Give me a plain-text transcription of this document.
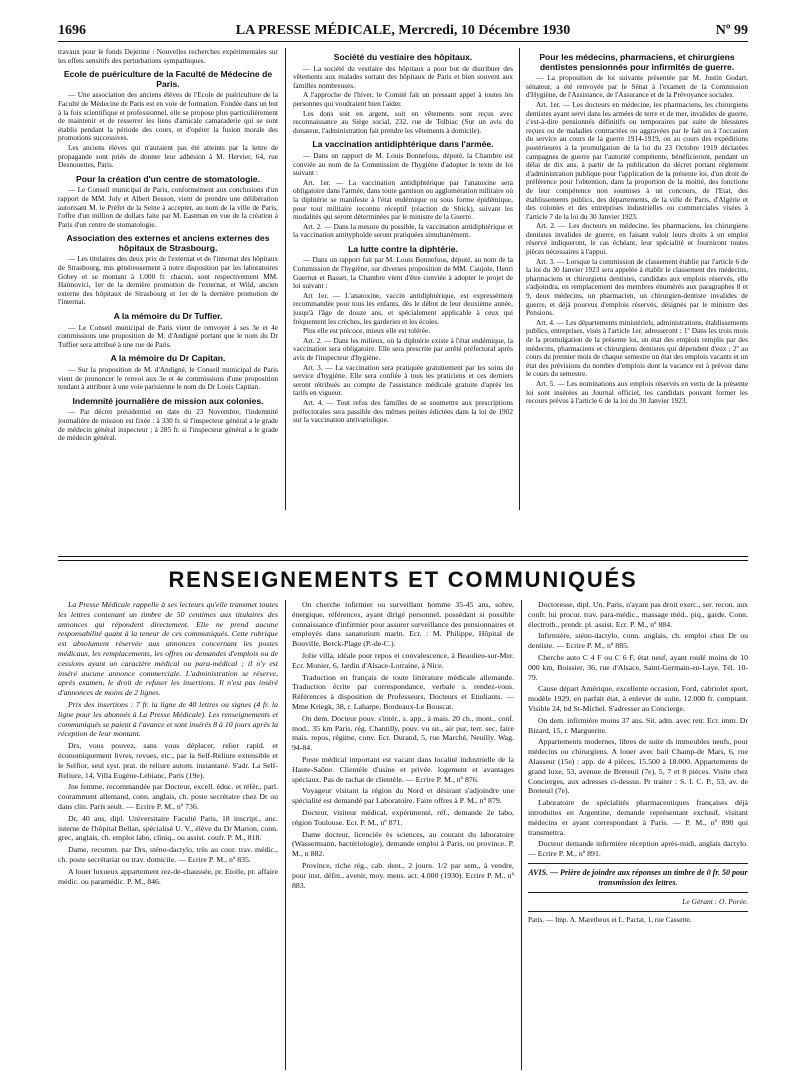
1696	LA PRESSE MÉDICALE, Mercredi, 10 Décembre 1930	Nº 99

travaux pour le fonds Dejerine : Nouvelles recherches expérimentales sur les effets sensitifs des perturbations sympathiques.

Ecole de puériculture de la Faculté de Médecine de Paris.

— Une association des anciens élèves de l'Ecole de puériculture de la Faculté de Médecine de Paris est en voie de formation. Fondée dans un but à la fois scientifique et professionnel, elle se propose plus particulièrement de maintenir et de resserrer les liens d'amicale camaraderie qui se sont établis pendant la période des cours, et d'opérer la fusion morale des promotions successives.

Les anciens élèves qui n'auraient pas été atteints par la lettre de propagande sont priés de donner leur adhésion à M. Hervier, 64, rue Desnouettes, Paris.

Pour la création d'un centre de stomatologie.

— Le Conseil municipal de Paris, conformément aux conclusions d'un rapport de MM. Joly et Albert Besson, vient de prendre une délibération autorisant M. le Préfet de la Seine à accepter, au nom de la ville de Paris, l'offre d'un million de dollars faite par M. Eastman en vue de la création à Paris d'un centre de stomatologie.

Association des externes et anciens externes des hôpitaux de Strasbourg.

— Les titulaires des deux prix de l'externat et de l'internat des hôpitaux de Strasbourg, mis généreusement à notre disposition par les laboratoires Gobey et se montant à 1.000 fr. chacun, sont respectivement MM. Haïmovici, 1er de la dernière promotion de l'externat, et Wild, ancien externe des hôpitaux de Strasbourg et 1er de la dernière promotion de l'internat.

A la mémoire du Dr Tuffier.

— Le Conseil municipal de Paris vient de renvoyer à ses 3e et 4e commissions une proposition de M. d'Andigné portant que le nom du Dr Tuffier sera attribué à une rue de Paris.

A la mémoire du Dr Capitan.

— Sur la proposition de M. d'Andigné, le Conseil municipal de Paris vient de prononcer le renvoi aux 3e et 4e commissions d'une proposition tendant à attribuer à une voie parisienne le nom du Dr Louis Capitan.

Indemnité journalière de mission aux colonies.

— Par décret présidentiel en date du 23 Novembre, l'indemnité journalière de mission est fixée : à 330 fr. si l'inspecteur général a le grade de médecin général inspecteur ; à 285 fr. si l'inspecteur général a le grade de médecin général.

Société du vestiaire des hôpitaux.

— La société du vestiaire des hôpitaux a pour but de distribuer des vêtements aux malades sortant des hôpitaux de Paris et bien souvent aux familles nombreuses.

A l'approche de l'hiver, le Comité fait un pressant appel à toutes les personnes qui voudraient bien l'aider.

Les dons soit en argent, soit en vêtements sont reçus avec reconnaissance au Siège social, 232, rue de Tolbiac (Sur un avis du donateur, l'administration fait prendre les vêtements à domicile).

La vaccination antidiphtérique dans l'armée.

— Dans un rapport de M. Louis Bonnefous, député, la Chambre est conviée au nom de la Commission de l'hygiène d'adopter le texte de loi suivant :

Art. 1er. — La vaccination antidiphtérique par l'anatoxine sera obligatoire dans l'armée, dans toute garnison ou agglomération militaire où la diphtérie se manifeste à l'état endémique ou sous forme épidémique, pour tout militaire reconnu réceptif (réaction de Shick), suivant les modalités qui seront déterminées par le ministre de la Guerre.

Art. 2. — Dans la mesure du possible, la vaccination antidiphtérique et la vaccination antityphoïde seront pratiquées simultanément.

La lutte contre la diphtérie.

— Dans un rapport fait par M. Louis Bonnefous, député, au nom de la Commission de l'hygiène, sur diverses proposition de MM. Caujole, Henri Guernut et Basset, la Chambre vient d'être conviée à adopter le projet de loi suivant :

Art 1er. — L'anatoxine, vaccin antidiphtérique, est expressément recommandée pour tous les enfants, dès le début de leur deuxième année, jusqu'à l'âge de douze ans, et spécialement applicable à ceux qui fréquentent les crèches, les garderies et les écoles.

Plus elle est précoce, mieux elle est tolérée.

Art. 2. — Dans les milieux, où la diphtérie existe à l'état endémique, la vaccination sera obligatoire. Elle sera prescrite par arrêté préfectoral après avis de l'inspecteur d'hygiène.

Art. 3. — La vaccination sera pratiquée gratuitement par les soins du service d'hygiène. Elle sera confiée à tous les praticiens et ces derniers seront rétribués au compte de l'assistance médicale gratuite d'après les tarifs en vigueur.

Art. 4. — Tout refus des familles de se soumettre aux prescriptions préfectorales sera passible des mêmes peines édictées dans la loi de 1902 sur la vaccination antivariolique.

Pour les médecins, pharmaciens, et chirurgiens dentistes pensionnés pour infirmités de guerre.

— La proposition de loi suivante présentée par M. Justin Godart, sénateur, a été renvoyée par le Sénat à l'examen de la Commission d'Hygiène, de l'Assistance, de l'Assurance et de la Prévoyance sociales.

Art. 1er. — Les docteurs en médecine, les pharmaciens, les chirurgiens dentistes ayant servi dans les armées de terre et de mer, invalides de guerre, c'est-à-dire pensionnés définitifs ou temporaires par suite de blessures reçues ou de maladies contractées ou aggravées par le fait ou à l'occasion du service au cours de la guerre 1914-1919, ou au cours des expéditions postérieures à la promulgation de la loi du 23 Octobre 1919 déclarées campagnes de guerre par l'autorité compétente, bénéficieront, pendant un délai de dix ans, à partir de la publication du décret portant règlement d'administration publique pour l'application de la présente loi, d'un droit de préférence pour l'obtention, dans la proportion de la moitié, des fonctions de leur compétence non soumises à un concours, de l'Etat, des établissements publics, des départements, de la ville de Paris, d'Algérie et des colonies et des entreprises industrielles ou commerciales visées à l'article 7 de la loi du 30 Janvier 1923.

Art. 2. — Les docteurs en médecine, les pharmaciens, les chirurgiens dentistes invalides de guerre, en faisant valoir leurs droits à un emploi réservé indiqueront, le cas échéant, leur spécialité et fourniront toutes pièces nécessaires à l'appui.

Art. 3. — Lorsque la commission de classement établie par l'article 6 de la loi du 30 Janvier 1923 sera appelée à établir le classement des médecins, pharmaciens et chirurgiens dentistes, candidats aux emplois réservés, elle s'adjoindra, en remplacement des membres énumérés aux paragraphes 8 et 9, deux médecins, un pharmacien, un chirurgien-dentiste invalides de guerre, et déjà pourvus d'emplois réservés, désignés par le ministre des Pensions.

Art. 4. — Les départements ministériels, administrations, établissements publics, entreprises, visés à l'article 1er, adresseront : 1º Dans les trois mois de la promulgation de la présente loi, un état des emplois remplis par des médecins, pharmaciens et chirurgiens dentistes qui dépendent d'eux ; 2º au cours du premier mois de chaque semestre un état des emplois vacants et un état des prévisions du nombre d'emplois dont la vacance est à prévoir dans le cours du semestre.

Art. 5. — Les nominations aux emplois réservés en vertu de la présente loi sont insérées au Journal officiel, les candidats pouvant former les recours prévus à l'article 6 de la loi du 30 Janvier 1923.

RENSEIGNEMENTS ET COMMUNIQUÉS

La Presse Médicale rappelle à ses lecteurs qu'elle transmet toutes les lettres contenant un timbre de 50 centimes aux titulaires des annonces qui répondent directement. Elle ne prend aucune responsabilité quant à la teneur de ces communiqués. Cette rubrique est absolument réservée aux annonces concernant les postes médicaux, les remplacements, les offres ou demandes d'emplois ou de cessions ayant un caractère médical ou para-médical ; il n'y est inséré aucune annonce commerciale. L'administration se réserve, après examen, le droit de refuser les insertions. Il n'est pas inséré d'annonces de moins de 2 lignes.

Prix des insertions : 7 fr. la ligne de 40 lettres ou signes (4 fr. la ligne pour les abonnés à La Presse Médicale). Les renseignements et communiqués se paient à l'avance et sont insérés 8 à 10 jours après la réception de leur montant.

Drs, vous pouvez, sans vous déplacer, relier rapid. et économiquement livres, revues, etc., par la Self-Reliure extensible et le Selfior, seul syst. prat. de reliure autom. instantané. S'adr. La Self-Reliure, 14, Villa Eugène-Lebianc, Paris (19e).

Jne femme, recommandée par Docteur, excell. éduc. et référ., parl. couramment allemand, conn. anglais, ch. poste secrétaire chez Dr ou dans clin. Paris seult. — Ecrire P. M., nº 736.

Dr, 40 ans, dipl. Universitaire Faculté Paris, 18 inscript., anc. interne de l'hôpital Bellan, spécialisé U. V., élève du Dr Marion, conn. grec, anglais, ch. emploi labo, cliniq., ou assist. coufr. P. M., 818.

Dame, recomm. par Drs, sténo-dactylo, très au cour. trav. médic., ch. poste secrétariat ou trav. domicile. — Ecrire P. M., nº 835.

A louer luxueux appartement rez-de-chaussée, pr. Etoile, pr. affaire médic. ou paramédic. P. M., 846.

On cherche infirmier ou surveillant homme 35-45 ans, sobre, énergique, références, ayant dirigé personnel, possédant si possible connaissance d'infirmier pour assurer surveillance des pensionnaires et employés dans sanatorium marin. Ecr. : M. Philippe, Hôpital de Bouville, Berck-Plage (P.-de-C.).

Jolie villa, idéale pour repos et convalescence, à Beaulieu-sur-Mer. Ecr. Monier, 6, Jardin d'Alsace-Lorraine, à Nice.

Traduction en français de toute littérature médicale allemande. Traduction écrite par correspondance, verbale s. rendez-vous. Références à disposition de Professeurs, Docteurs et Etudiants. — Mme Kriegk, 38, r. Laharpe, Bordeaux-Le Bouscat.

On dem. Docteur pouv. s'intér., s. app., à mais. 20 ch., mont., conf. mod., 35 km Paris, rég. Chantilly, pouv. vu sit., air pur, terr. sec, faire mais. repos, régime, conv. Ecr. Durand, 5, rue Marché, Neuilly. Wag. 94-84.

Poste médical important est vacant dans localité industrielle de la Haute-Saône. Clientèle d'usine et privée. logement et avantages spéciaux. Pas de rachat de clientèle. — Ecrire P. M., nº 876.

Voyageur visitant la région du Nord et désirant s'adjoindre une spécialité est demandé par Laboratoire. Faire offres à P. M., nº 879.

Docteur, visiteur médical, expérimenté, réf., demande 2e labo, région Toulouse. Ecr. P. M., nº 871.

Dame docteur, licenciée ès sciences, au courant du laboratoire (Wassermann, bactériologie), demande emploi à Paris, ou province. P. M., n 882.

Province, riche rég., cab. dent., 2 journ. 1/2 par sem., à vendre, pour inst. défin., avenir, moy. mens. act. 4.000 (1930). Ecrire P. M., nº 883.

Doctoresse, dipl. Un. Paris, n'ayant pas droit exerc., ser. recon. aux confr. lui procur. trav. para-médic., massage méd., piq., garde. Conn. électroth., prendr. pl. assist. Ecr. P. M., nº 884.

Infirmière, sténo-dactylo, conn. anglais, ch. emploi chez Dr ou dentiste. — Ecrire P. M., nº 885.

Cherche auto C 4 F ou C 6 F, état neuf, ayant roulé moins de 10 000 km, Boissier, 36, rue d'Alsace, Saint-Germain-en-Laye. Tél. 10-79.

Cause départ Amérique, excellente occasion, Ford, cabriolet sport, modèle 1929, en parfait état, à enlever de suite, 12.000 fr. comptant. Visible 24, bd St-Michel. S'adresser au Concierge.

On dem. infirmière moins 37 ans. Sit. adm. avec retr. Ecr. imm. Dr Bizard, 15, r. Marguerite.

Appartements modernes, libres de suite ds immeubles neufs, pour médecins ou chirurgiens. A louer avec bail Champ-de Mars, 6, rue Alasseur (15e) : app. de 4 pièces, 15.500 à 18.000. Appartements de grand luxe, 53, avenue de Breteuil (7e), 5, 7 et 8 pièces. Visite chez Concierges, aux adresses ci-dessus. Pr traiter : S. I. C. P., 53, av. de Breteuil (7e).

Laboratoire de spécialités pharmaceutiques françaises déjà introduites en Argentine, demande représentant exclusif, visitant médecins et ayant correspondant à Paris. — P. M., nº 890 qui transmettra.

Docteur demande infirmière réception après-midi, anglais dactylo. — Ecrire P. M., nº 891.

AVIS. — Prière de joindre aux réponses un timbre de 0 fr. 50 pour transmission des lettres.
Le Gérant : O. Porée.
Paris. — Imp. A. Maretheux et L. Pactat, 1, rue Cassette.
